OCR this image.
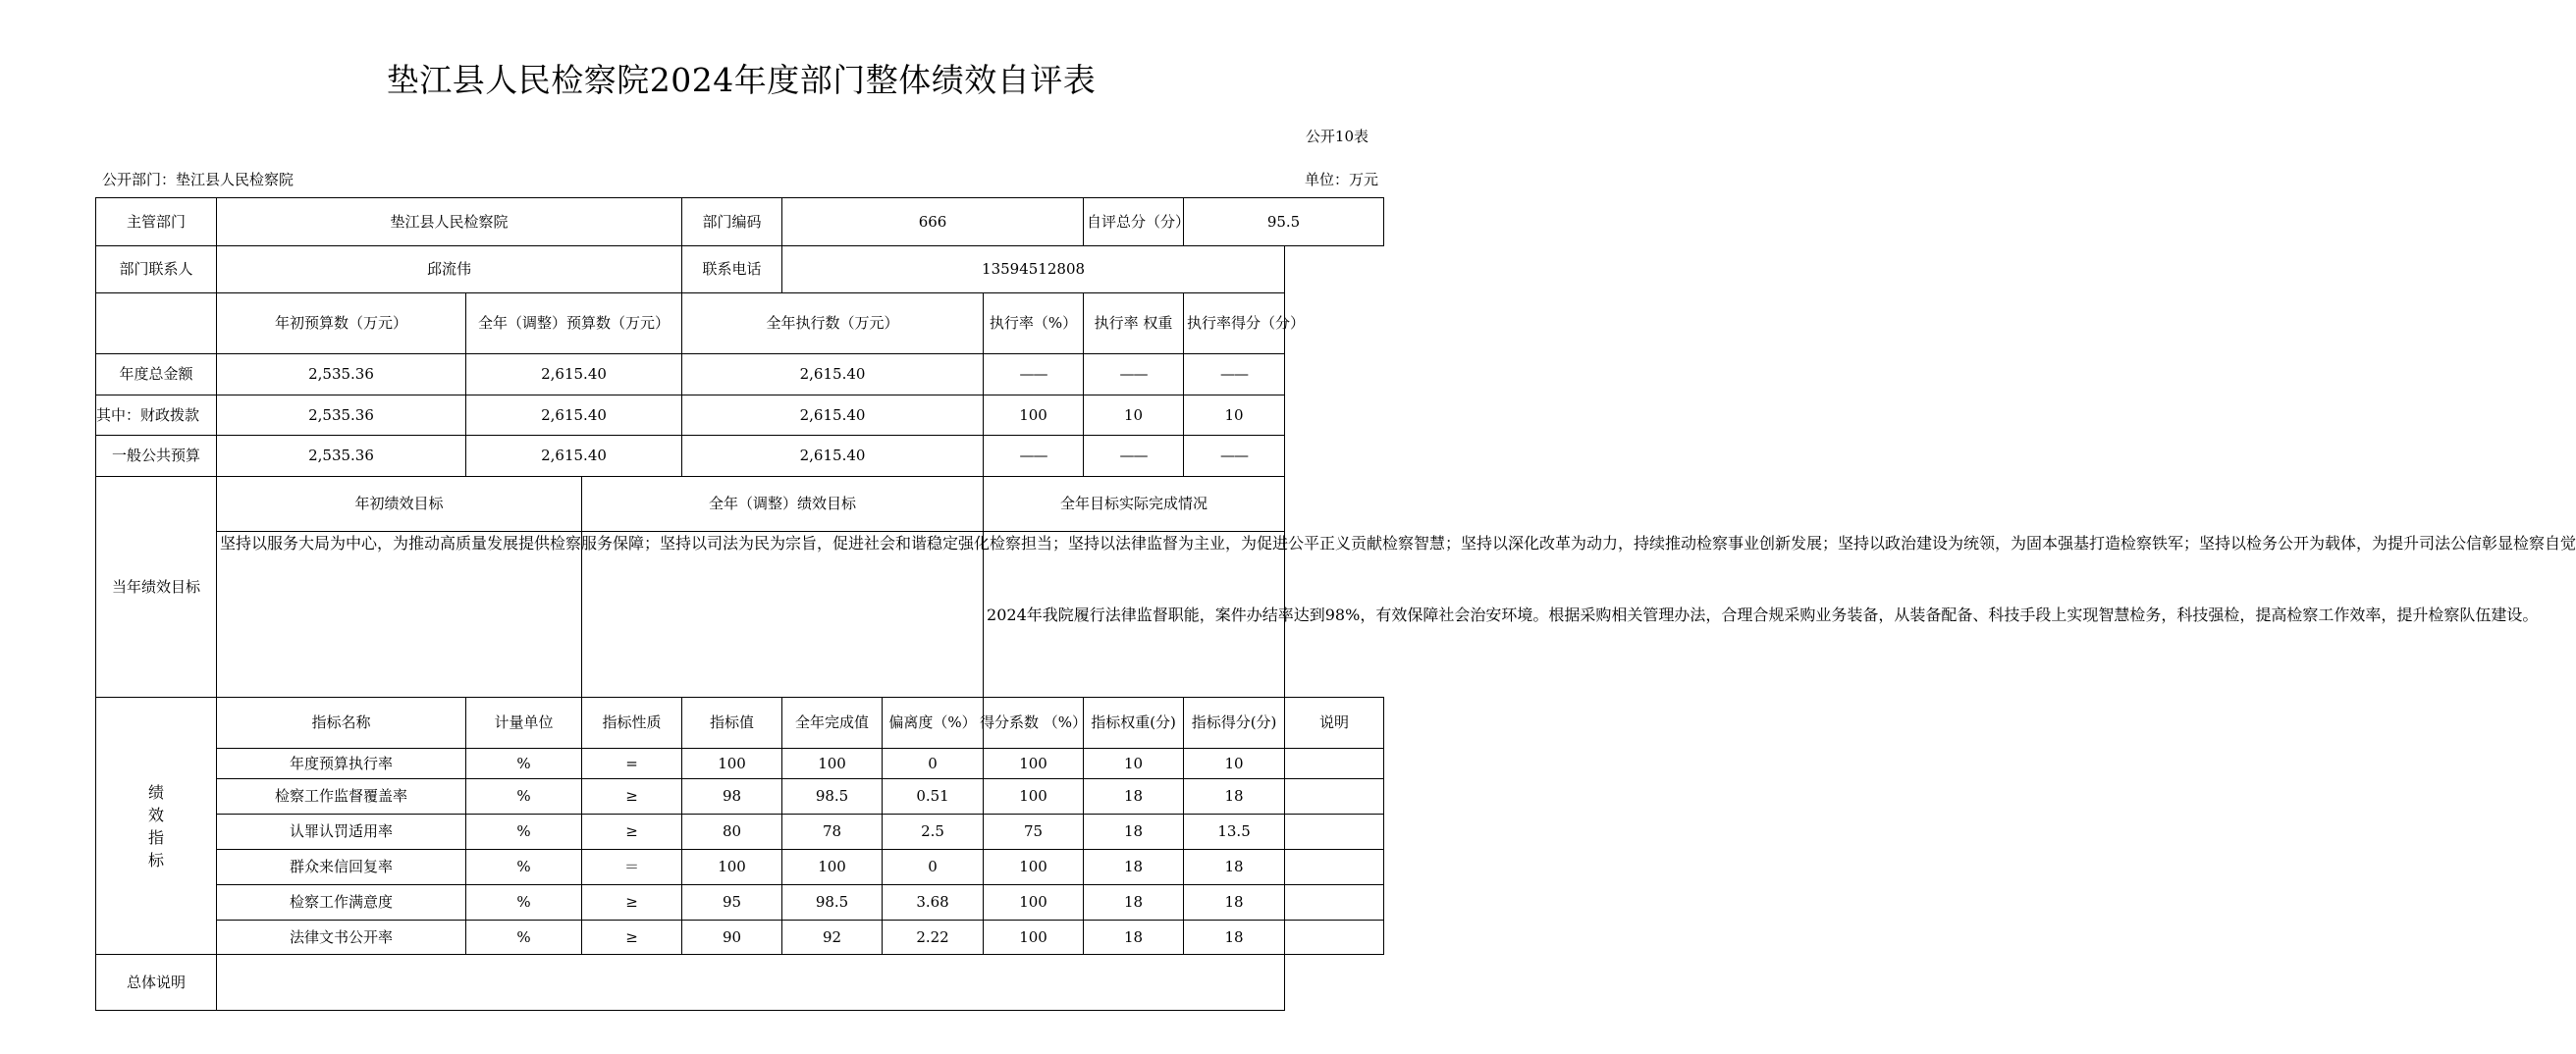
垫江县人民检察院2024年度部门整体绩效自评表
公开10表
公开部门：垫江县人民检察院	单位：万元
主管部门	垫江县人民检察院			部门编码	666			自评总分（分）	95.5	
部门联系人	邱流伟			联系电话	13594512808					
	年初预算数（万元）	全年（调整）预算数（万元）		全年执行数（万元）			执行率（%）	执行率 权重	执行率得分（分）	
年度总金额	2,535.36	2,615.40		2,615.40			——	——	——	
其中：财政拨款	2,535.36	2,615.40		2,615.40			100	10	10	
一般公共预算	2,535.36	2,615.40		2,615.40			——	——	——	
当年绩效目标	年初绩效目标		全年（调整）绩效目标				全年目标实际完成情况			

	坚持以服务大局为中心，为推动高质量发展提供检察服务保障；坚持以司法为民为宗旨，促进社会和谐稳定强化检察担当；坚持以法律监督为主业，为促进公平正义贡献检察智慧；坚持以深化改革为动力，持续推动检察事业创新发展；坚持以政治建设为统领，为固本强基打造检察铁军；坚持以检务公开为载体，为提升司法公信彰显检察自觉						2024年我院履行法律监督职能，案件办结率达到98%，有效保障社会治安环境。根据采购相关管理办法，合理合规采购业务装备，从装备配备、科技手段上实现智慧检务，科技强检，提高检察工作效率，提升检察队伍建设。			
绩效指标	指标名称	计量单位	指标性质	指标值	全年完成值	偏离度（%）	得分系数 （%）	指标权重(分)	指标得分(分)	说明
	年度预算执行率	%	=	100	100	0	100	10	10	
	检察工作监督覆盖率	%	≥	98	98.5	0.51	100	18	18	
	认罪认罚适用率	%	≥	80	78	2.5	75	18	13.5	
	群众来信回复率	%	＝	100	100	0	100	18	18	
	检察工作满意度	%	≥	95	98.5	3.68	100	18	18	
	法律文书公开率	%	≥	90	92	2.22	100	18	18	
总体说明										
